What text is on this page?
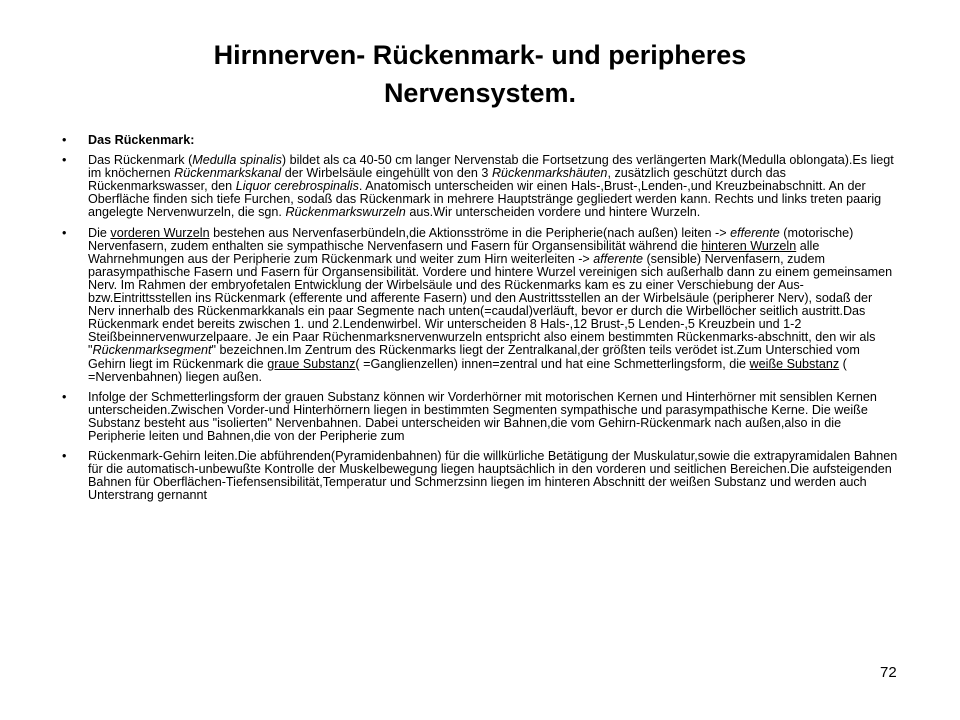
Hirnnerven- Rückenmark- und peripheres Nervensystem.
• Das Rückenmark:
• Das Rückenmark (Medulla spinalis) bildet als ca 40-50 cm langer Nervenstab die Fortsetzung des verlängerten Mark(Medulla oblongata).Es liegt im knöchernen Rückenmarkskanal der Wirbelsäule eingehüllt von den 3 Rückenmarkshäuten, zusätzlich geschützt durch das Rückenmarkswasser, den Liquor cerebrospinalis. Anatomisch unterscheiden wir einen Hals-,Brust-,Lenden-,und Kreuzbeinabschnitt. An der Oberfläche finden sich tiefe Furchen, sodaß das Rückenmark in mehrere Hauptstränge gegliedert werden kann. Rechts und links treten paarig angelegte Nervenwurzeln, die sgn. Rückenmarkswurzeln aus.Wir unterscheiden vordere und hintere Wurzeln.
• Die vorderen Wurzeln bestehen aus Nervenfaserbündeln,die Aktionsströme in die Peripherie(nach außen) leiten -> efferente (motorische) Nervenfasern, zudem enthalten sie sympathische Nervenfasern und Fasern für Organsensibilität während die hinteren Wurzeln alle Wahrnehmungen aus der Peripherie zum Rückenmark und weiter zum Hirn weiterleiten -> afferente (sensible) Nervenfasern, zudem parasympathische Fasern und Fasern für Organsensibilität. Vordere und hintere Wurzel vereinigen sich außerhalb dann zu einem gemeinsamen Nerv. Im Rahmen der embryofetalen Entwicklung der Wirbelsäule und des Rückenmarks kam es zu einer Verschiebung der Aus-bzw.Eintrittsstellen ins Rückenmark (efferente und afferente Fasern) und den Austrittsstellen an der Wirbelsäule (peripherer Nerv), sodaß der Nerv innerhalb des Rückenmarkkanals ein paar Segmente nach unten(=caudal)verläuft, bevor er durch die Wirbellöcher seitlich austritt.Das Rückenmark endet bereits zwischen 1. und 2.Lendenwirbel. Wir unterscheiden 8 Hals-,12 Brust-,5 Lenden-,5 Kreuzbein und 1-2 Steißbeinnervenwurzelpaare. Je ein Paar Rüchenmarksnervenwurzeln entspricht also einem bestimmten Rückenmarks-abschnitt, den wir als "Rückenmarksegment" bezeichnen.Im Zentrum des Rückenmarks liegt der Zentralkanal,der größten teils verödet ist.Zum Unterschied vom Gehirn liegt im Rückenmark die graue Substanz( =Ganglienzellen) innen=zentral und hat eine Schmetterlingsform, die weiße Substanz ( =Nervenbahnen) liegen außen.
• Infolge der Schmetterlingsform der grauen Substanz können wir Vorderhörner mit motorischen Kernen und Hinterhörner mit sensiblen Kernen unterscheiden.Zwischen Vorder-und Hinterhörnern liegen in bestimmten Segmenten sympathische und parasympathische Kerne. Die weiße Substanz besteht aus "isolierten" Nervenbahnen. Dabei unterscheiden wir Bahnen,die vom Gehirn-Rückenmark nach außen,also in die Peripherie leiten und Bahnen,die von der Peripherie zum
• Rückenmark-Gehirn leiten.Die abführenden(Pyramidenbahnen) für die willkürliche Betätigung der Muskulatur,sowie die extrapyramidalen Bahnen für die automatisch-unbewußte Kontrolle der Muskelbewegung liegen hauptsächlich in den vorderen und seitlichen Bereichen.Die aufsteigenden Bahnen für Oberflächen-Tiefensensibilität,Temperatur und Schmerzsinn liegen im hinteren Abschnitt der weißen Substanz und werden auch Unterstrang gernannt
72
